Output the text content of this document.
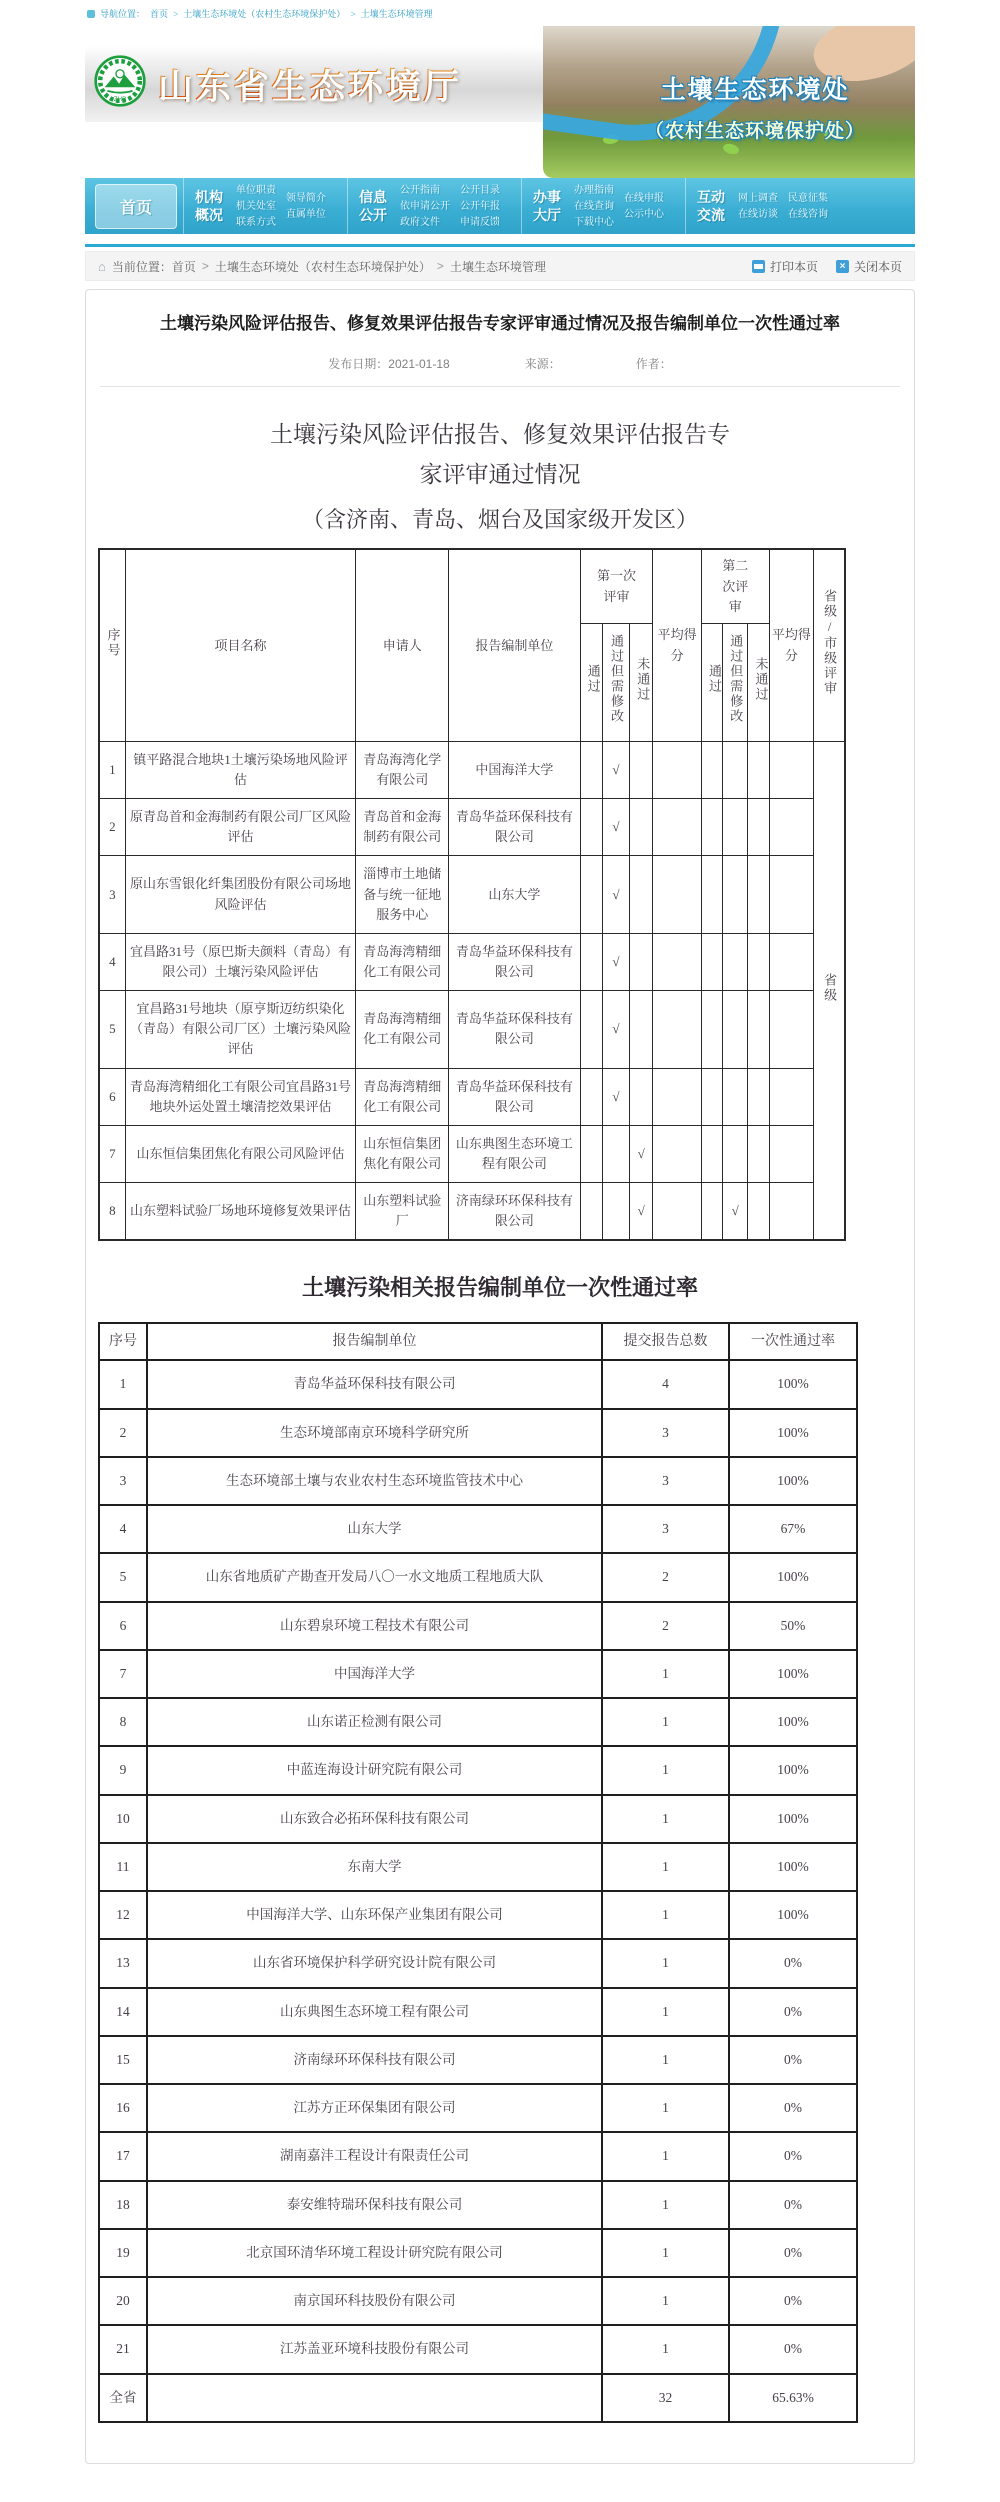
导航位置： 首页 > 土壤生态环境处（农村生态环境保护处） > 土壤生态环境管理
ZHB 山东省生态环境厅	土壤生态环境处
（农村生态环境保护处）
首页
机构概况
单位职责
机关处室
联系方式
领导简介
直属单位
信息公开
公开指南
依申请公开
政府文件
公开目录
公开年报
申请反馈
办事大厅
办理指南
在线查询
下载中心
在线申报
公示中心
互动交流
网上调查
在线访谈
民意征集
在线咨询
⌂ 当前位置： 首页 > 土壤生态环境处（农村生态环境保护处） > 土壤生态环境管理	打印本页 ×	关闭本页
土壤污染风险评估报告、修复效果评估报告专家评审通过情况及报告编制单位一次性通过率
发布日期：2021-01-18	来源：	作者：
土壤污染风险评估报告、修复效果评估报告专
家评审通过情况
（含济南、青岛、烟台及国家级开发区）
序号	项目名称	申请人	报告编制单位	第一次评审			平均得分	第二次评审			平均得分	省级/市级评审
				通过	通过但需修改	未通过		通过	通过但需修改	未通过		
1	镇平路混合地块1土壤污染场地风险评估	青岛海湾化学有限公司	中国海洋大学		√							省级
2	原青岛首和金海制药有限公司厂区风险评估	青岛首和金海制药有限公司	青岛华益环保科技有限公司		√							
3	原山东雪银化纤集团股份有限公司场地风险评估	淄博市土地储备与统一征地服务中心	山东大学		√							
4	宜昌路31号（原巴斯夫颜料（青岛）有限公司）土壤污染风险评估	青岛海湾精细化工有限公司	青岛华益环保科技有限公司		√							
5	宜昌路31号地块（原亨斯迈纺织染化（青岛）有限公司厂区）土壤污染风险评估	青岛海湾精细化工有限公司	青岛华益环保科技有限公司		√							
6	青岛海湾精细化工有限公司宜昌路31号地块外运处置土壤清挖效果评估	青岛海湾精细化工有限公司	青岛华益环保科技有限公司		√							
7	山东恒信集团焦化有限公司风险评估	山东恒信集团焦化有限公司	山东典图生态环境工程有限公司			√						
8	山东塑料试验厂场地环境修复效果评估	山东塑料试验厂	济南绿环环保科技有限公司			√			√			
土壤污染相关报告编制单位一次性通过率
序号	报告编制单位	提交报告总数	一次性通过率
1	青岛华益环保科技有限公司	4	100%
2	生态环境部南京环境科学研究所	3	100%
3	生态环境部土壤与农业农村生态环境监管技术中心	3	100%
4	山东大学	3	67%
5	山东省地质矿产勘查开发局八〇一水文地质工程地质大队	2	100%
6	山东碧泉环境工程技术有限公司	2	50%
7	中国海洋大学	1	100%
8	山东诺正检测有限公司	1	100%
9	中蓝连海设计研究院有限公司	1	100%
10	山东致合必拓环保科技有限公司	1	100%
11	东南大学	1	100%
12	中国海洋大学、山东环保产业集团有限公司	1	100%
13	山东省环境保护科学研究设计院有限公司	1	0%
14	山东典图生态环境工程有限公司	1	0%
15	济南绿环环保科技有限公司	1	0%
16	江苏方正环保集团有限公司	1	0%
17	湖南嘉沣工程设计有限责任公司	1	0%
18	泰安维特瑞环保科技有限公司	1	0%
19	北京国环清华环境工程设计研究院有限公司	1	0%
20	南京国环科技股份有限公司	1	0%
21	江苏盖亚环境科技股份有限公司	1	0%
全省		32	65.63%
